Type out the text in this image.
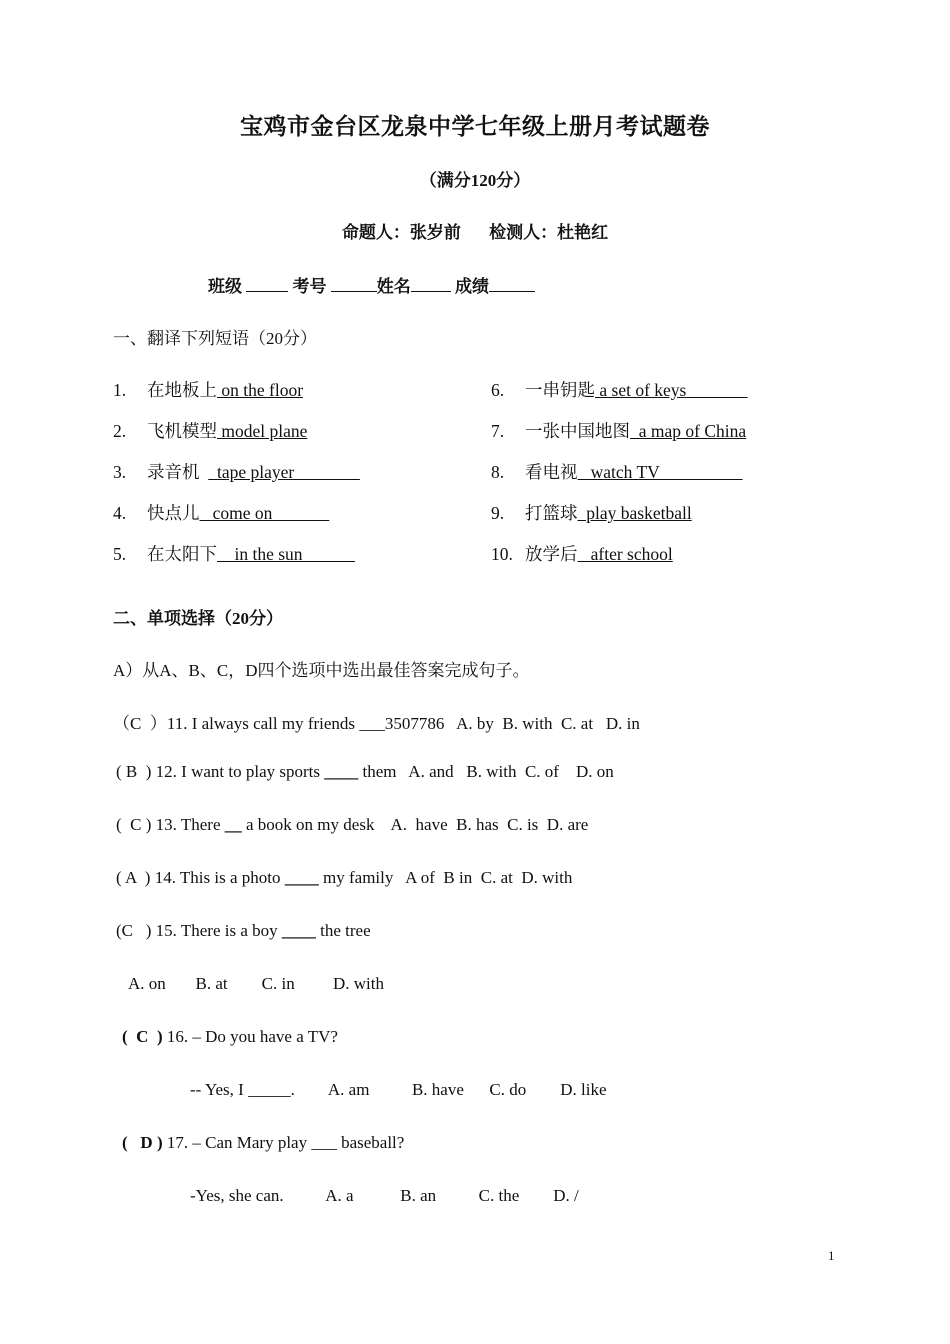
宝鸡市金台区龙泉中学七年级上册月考试题卷
（满分120分）
命题人：张岁前 检测人：杜艳红
班级	考号	姓名	成绩
一、翻译下列短语（20分）
1. 在地板上 on the floor
2. 飞机模型 model plane
3. 录音机    tape player
4. 快点儿   come on
5. 在太阳下    in the sun
6. 一串钥匙 a set of keys
7. 一张中国地图  a map of China
8. 看电视   watch TV
9. 打篮球  play basketball
10. 放学后   after school
二、单项选择（20分）
A）从A、B、C，D四个选项中选出最佳答案完成句子。
（C  ）11. I always call my friends ___3507786   A. by  B. with  C. at   D. in
( B  ) 12. I want to play sports ____ them   A. and   B. with  C. of    D. on
(  C ) 13. There __ a book on my desk    A.  have  B. has  C. is  D. are
( A  ) 14. This is a photo ____ my family   A of  B in  C. at  D. with
(C   ) 15. There is a boy ____ the tree
A. on       B. at        C. in         D. with
(  C  ) 16. – Do you have a TV?
-- Yes, I _____.        A. am          B. have      C. do        D. like
(   D ) 17. – Can Mary play ___ baseball?
-Yes, she can.          A. a           B. an          C. the        D. /
1
